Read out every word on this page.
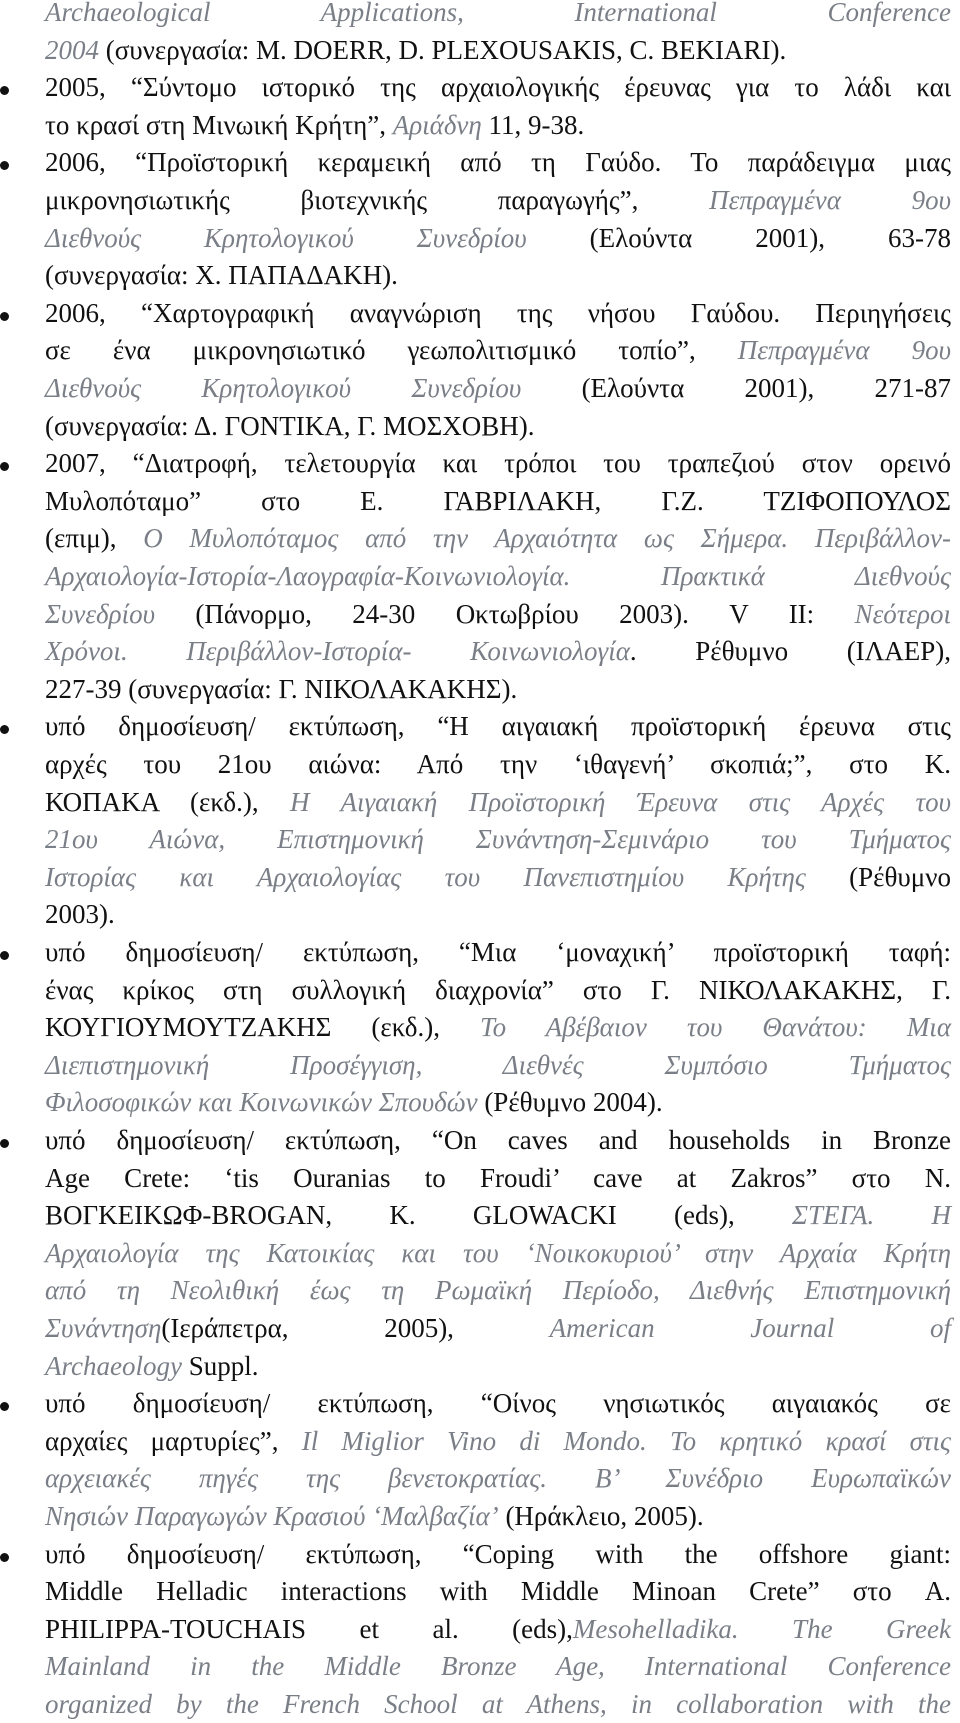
Archaeological Applications, International Conference
2004 (συνεργασία: M. DOERR, D. PLEXOUSAKIS, C. BEKIARI).
2005, “Σύντομο ιστορικό της αρχαιολογικής έρευνας για το λάδι και
το κρασί στη Μινωική Κρήτη”, Αριάδνη 11, 9-38.
2006, “Προϊστορική κεραμεική από τη Γαύδο. Το παράδειγμα μιας
μικρονησιωτικής βιοτεχνικής παραγωγής”, Πεπραγμένα 9ου
Διεθνούς Κρητολογικού Συνεδρίου (Ελούντα 2001), 63-78
(συνεργασία: Χ. ΠΑΠΑΔΑΚΗ).
2006, “Χαρτογραφική αναγνώριση της νήσου Γαύδου. Περιηγήσεις
σε ένα μικρονησιωτικό γεωπολιτισμικό τοπίο”, Πεπραγμένα 9ου
Διεθνούς Κρητολογικού Συνεδρίου (Ελούντα 2001), 271-87
(συνεργασία: Δ. ΓΟΝΤΙΚΑ, Γ. ΜΟΣΧΟΒΗ).
2007, “Διατροφή, τελετουργία και τρόποι του τραπεζιού στον ορεινό
Μυλοπόταμο” στο Ε. ΓΑΒΡΙΛΑΚΗ, Γ.Ζ. ΤΖΙΦΟΠΟΥΛΟΣ
(επιμ), Ο Μυλοπόταμος από την Αρχαιότητα ως Σήμερα. Περιβάλλον-
Αρχαιολογία-Ιστορία-Λαογραφία-Κοινωνιολογία. Πρακτικά Διεθνούς
Συνεδρίου (Πάνορμο, 24-30 Οκτωβρίου 2003). V II: Νεότεροι
Χρόνοι. Περιβάλλον-Ιστορία- Κοινωνιολογία. Ρέθυμνο (ΙΛΑΕΡ),
227-39 (συνεργασία: Γ. ΝΙΚΟΛΑΚΑΚΗΣ).
υπό δημοσίευση/ εκτύπωση, “Η αιγαιακή προϊστορική έρευνα στις
αρχές του 21ου αιώνα: Από την ‘ιθαγενή’ σκοπιά;”, στο Κ.
ΚΟΠΑΚΑ (εκδ.), Η Αιγαιακή Προϊστορική Έρευνα στις Αρχές του
21ου Αιώνα, Επιστημονική Συνάντηση-Σεμινάριο του Τμήματος
Ιστορίας και Αρχαιολογίας του Πανεπιστημίου Κρήτης (Ρέθυμνο
2003).
υπό δημοσίευση/ εκτύπωση, “Μια ‘μοναχική’ προϊστορική ταφή:
ένας κρίκος στη συλλογική διαχρονία” στο Γ. ΝΙΚΟΛΑΚΑΚΗΣ, Γ.
ΚΟΥΓΙΟΥΜΟΥΤΖΑΚΗΣ (εκδ.), Το Αβέβαιον του Θανάτου: Μια
Διεπιστημονική Προσέγγιση, Διεθνές Συμπόσιο Τμήματος
Φιλοσοφικών και Κοινωνικών Σπουδών (Ρέθυμνο 2004).
υπό δημοσίευση/ εκτύπωση, “On caves and households in Bronze
Age Crete: ‘tis Ouranias to Froudi’ cave at Zakros” στο Ν.
ΒΟΓΚΕΙΚΩΦ-BROGAN, K. GLOWACKI (eds), ΣΤΕΓΑ. Η
Αρχαιολογία της Κατοικίας και του ‘Νοικοκυριού’ στην Αρχαία Κρήτη
από τη Νεολιθική έως τη Ρωμαϊκή Περίοδο, Διεθνής Επιστημονική
Συνάντηση(Ιεράπετρα, 2005), American Journal of
Archaeology Suppl.
υπό δημοσίευση/ εκτύπωση, “Οίνος νησιωτικός αιγαιακός σε
αρχαίες μαρτυρίες”, Il Miglior Vino di Mondo. Το κρητικό κρασί στις
αρχειακές πηγές της βενετοκρατίας. Β’ Συνέδριο Ευρωπαϊκών
Νησιών Παραγωγών Κρασιού ‘Μαλβαζία’ (Ηράκλειο, 2005).
υπό δημοσίευση/ εκτύπωση, “Coping with the offshore giant:
Middle Helladic interactions with Middle Minoan Crete” στο A.
PHILIPPA-TOUCHAIS et al. (eds),Mesohelladika. The Greek
Mainland in the Middle Bronze Age, International Conference
organized by the French School at Athens, in collaboration with the
